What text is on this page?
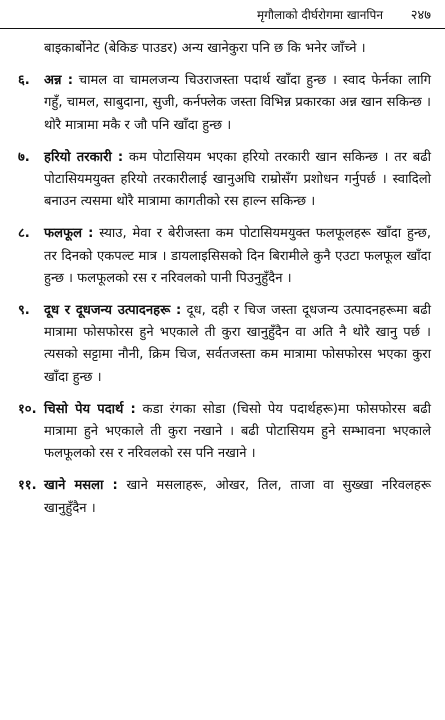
मृगौलाको दीर्घरोगमा खानपिन २४७

बाइकार्बोनेट (बेकिङ पाउडर) अन्य खानेकुरा पनि छ कि भनेर जाँच्ने ।

६.	अन्न : चामल वा चामलजन्य चिउराजस्ता पदार्थ खाँदा हुन्छ । स्वाद फेर्नका लागि गहुँ, चामल, साबुदाना, सुजी, कर्नफ्लेक जस्ता विभिन्न प्रकारका अन्न खान सकिन्छ । थोरै मात्रामा मकै र जौ पनि खाँदा हुन्छ ।
७.	हरियो तरकारी : कम पोटासियम भएका हरियो तरकारी खान सकिन्छ । तर बढी पोटासियमयुक्त हरियो तरकारीलाई खानुअघि राम्रोसँग प्रशोधन गर्नुपर्छ । स्वादिलो बनाउन त्यसमा थोरै मात्रामा कागतीको रस हाल्न सकिन्छ ।
८.	फलफूल : स्याउ, मेवा र बेरीजस्ता कम पोटासियमयुक्त फलफूलहरू खाँदा हुन्छ, तर दिनको एकपल्ट मात्र । डायलाइसिसको दिन बिरामीले कुनै एउटा फलफूल खाँदा हुन्छ । फलफूलको रस र नरिवलको पानी पिउनुहुँदैन ।
९.	दूध र दूधजन्य उत्पादनहरू : दूध, दही र चिज जस्ता दूधजन्य उत्पादनहरूमा बढी मात्रामा फोसफोरस हुने भएकाले ती कुरा खानुहुँदैन वा अति नै थोरै खानु पर्छ । त्यसको सट्टामा नौनी, क्रिम चिज, सर्वतजस्ता कम मात्रामा फोसफोरस भएका कुरा खाँदा हुन्छ ।
१०. चिसो पेय पदार्थ : कडा रंगका सोडा (चिसो पेय पदार्थहरू)मा फोसफोरस बढी मात्रामा हुने भएकाले ती कुरा नखाने । बढी पोटासियम हुने सम्भावना भएकाले फलफूलको रस र नरिवलको रस पनि नखाने ।
११. खाने मसला : खाने मसलाहरू, ओखर, तिल, ताजा वा सुख्खा नरिवलहरू खानुहुँदैन ।
